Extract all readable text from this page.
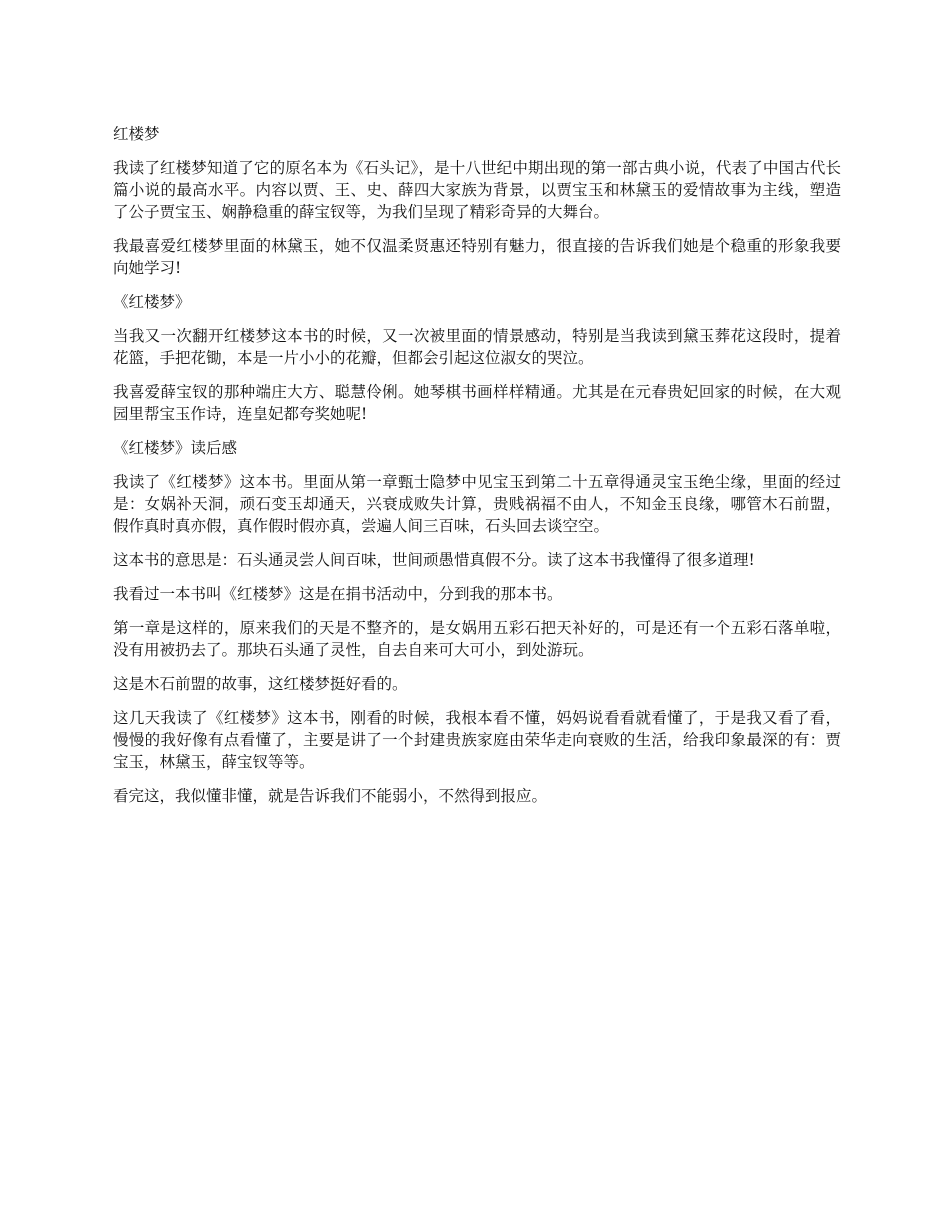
红楼梦

我读了红楼梦知道了它的原名本为《石头记》，是十八世纪中期出现的第一部古典小说，代表了中国古代长篇小说的最高水平。内容以贾、王、史、薛四大家族为背景，以贾宝玉和林黛玉的爱情故事为主线，塑造了公子贾宝玉、娴静稳重的薛宝钗等，为我们呈现了精彩奇异的大舞台。

我最喜爱红楼梦里面的林黛玉，她不仅温柔贤惠还特别有魅力，很直接的告诉我们她是个稳重的形象我要向她学习!

《红楼梦》

当我又一次翻开红楼梦这本书的时候，又一次被里面的情景感动，特别是当我读到黛玉葬花这段时，提着花篮，手把花锄，本是一片小小的花瓣，但都会引起这位淑女的哭泣。

我喜爱薛宝钗的那种端庄大方、聪慧伶俐。她琴棋书画样样精通。尤其是在元春贵妃回家的时候，在大观园里帮宝玉作诗，连皇妃都夸奖她呢!

《红楼梦》读后感

我读了《红楼梦》这本书。里面从第一章甄士隐梦中见宝玉到第二十五章得通灵宝玉绝尘缘，里面的经过是：女娲补天洞，顽石变玉却通天，兴衰成败失计算，贵贱祸福不由人，不知金玉良缘，哪管木石前盟，假作真时真亦假，真作假时假亦真，尝遍人间三百味，石头回去谈空空。

这本书的意思是：石头通灵尝人间百味，世间顽愚惜真假不分。读了这本书我懂得了很多道理!

我看过一本书叫《红楼梦》这是在捐书活动中，分到我的那本书。

第一章是这样的，原来我们的天是不整齐的，是女娲用五彩石把天补好的，可是还有一个五彩石落单啦，没有用被扔去了。那块石头通了灵性，自去自来可大可小，到处游玩。

这是木石前盟的故事，这红楼梦挺好看的。

这几天我读了《红楼梦》这本书，刚看的时候，我根本看不懂，妈妈说看看就看懂了，于是我又看了看，慢慢的我好像有点看懂了，主要是讲了一个封建贵族家庭由荣华走向衰败的生活，给我印象最深的有：贾宝玉，林黛玉，薛宝钗等等。

看完这，我似懂非懂，就是告诉我们不能弱小，不然得到报应。
